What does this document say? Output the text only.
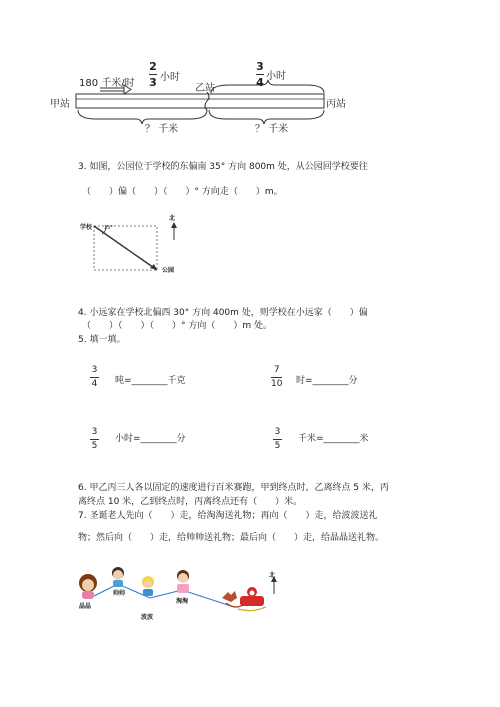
180 千米/时
2
3 小时
乙站
3
4 小时
甲站	丙站
？ 千米	？ 千米
3. 如图，公园位于学校的东偏南 35° 方向 800m 处，从公园回学校要往
（　　）偏（　　）（　　）° 方向走（　　）m。
学校 35°
公园
北
4. 小远家在学校北偏西 30° 方向 400m 处，则学校在小远家（　　）偏
（　　）（　　）（　　）° 方向（　　）m 处。
5. 填一填。
3
4 吨=________千克
7
10 时=________分
3
5
小时=________分
3
5
千米=________米
6. 甲乙丙三人各以固定的速度进行百米赛跑，甲到终点时，乙离终点 5 米，丙
离终点 10 米，乙到终点时，丙离终点还有（　　）米。
7. 圣诞老人先向（　　）走，给淘淘送礼物；再向（　　）走，给波波送礼
物；然后向（　　）走，给帅帅送礼物；最后向（　　）走，给晶晶送礼物。
北
晶晶
帅帅
波波
淘淘
